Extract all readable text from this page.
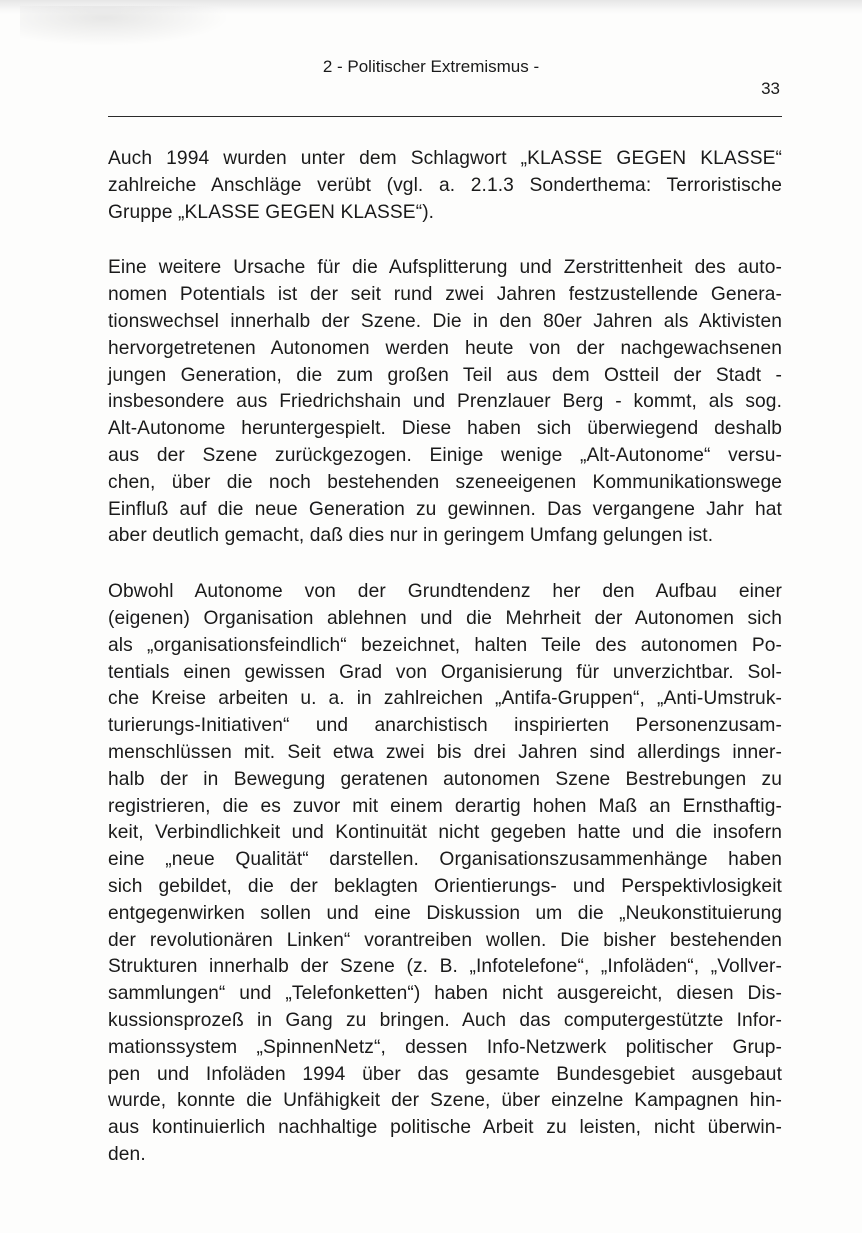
2 - Politischer Extremismus -
33

Auch 1994 wurden unter dem Schlagwort „KLASSE GEGEN KLASSE“
zahlreiche Anschläge verübt (vgl. a. 2.1.3 Sonderthema: Terroristische
Gruppe „KLASSE GEGEN KLASSE“).

Eine weitere Ursache für die Aufsplitterung und Zerstrittenheit des auto-
nomen Potentials ist der seit rund zwei Jahren festzustellende Genera-
tionswechsel innerhalb der Szene. Die in den 80er Jahren als Aktivisten
hervorgetretenen Autonomen werden heute von der nachgewachsenen
jungen Generation, die zum großen Teil aus dem Ostteil der Stadt -
insbesondere aus Friedrichshain und Prenzlauer Berg - kommt, als sog.
Alt-Autonome heruntergespielt. Diese haben sich überwiegend deshalb
aus der Szene zurückgezogen. Einige wenige „Alt-Autonome“ versu-
chen, über die noch bestehenden szeneeigenen Kommunikationswege
Einfluß auf die neue Generation zu gewinnen. Das vergangene Jahr hat
aber deutlich gemacht, daß dies nur in geringem Umfang gelungen ist.

Obwohl Autonome von der Grundtendenz her den Aufbau einer
(eigenen) Organisation ablehnen und die Mehrheit der Autonomen sich
als „organisationsfeindlich“ bezeichnet, halten Teile des autonomen Po-
tentials einen gewissen Grad von Organisierung für unverzichtbar. Sol-
che Kreise arbeiten u. a. in zahlreichen „Antifa-Gruppen“, „Anti-Umstruk-
turierungs-Initiativen“ und anarchistisch inspirierten Personenzusam-
menschlüssen mit. Seit etwa zwei bis drei Jahren sind allerdings inner-
halb der in Bewegung geratenen autonomen Szene Bestrebungen zu
registrieren, die es zuvor mit einem derartig hohen Maß an Ernsthaftig-
keit, Verbindlichkeit und Kontinuität nicht gegeben hatte und die insofern
eine „neue Qualität“ darstellen. Organisationszusammenhänge haben
sich gebildet, die der beklagten Orientierungs- und Perspektivlosigkeit
entgegenwirken sollen und eine Diskussion um die „Neukonstituierung
der revolutionären Linken“ vorantreiben wollen. Die bisher bestehenden
Strukturen innerhalb der Szene (z. B. „Infotelefone“, „Infoläden“, „Vollver-
sammlungen“ und „Telefonketten“) haben nicht ausgereicht, diesen Dis-
kussionsprozeß in Gang zu bringen. Auch das computergestützte Infor-
mationssystem „SpinnenNetz“, dessen Info-Netzwerk politischer Grup-
pen und Infoläden 1994 über das gesamte Bundesgebiet ausgebaut
wurde, konnte die Unfähigkeit der Szene, über einzelne Kampagnen hin-
aus kontinuierlich nachhaltige politische Arbeit zu leisten, nicht überwin-
den.
